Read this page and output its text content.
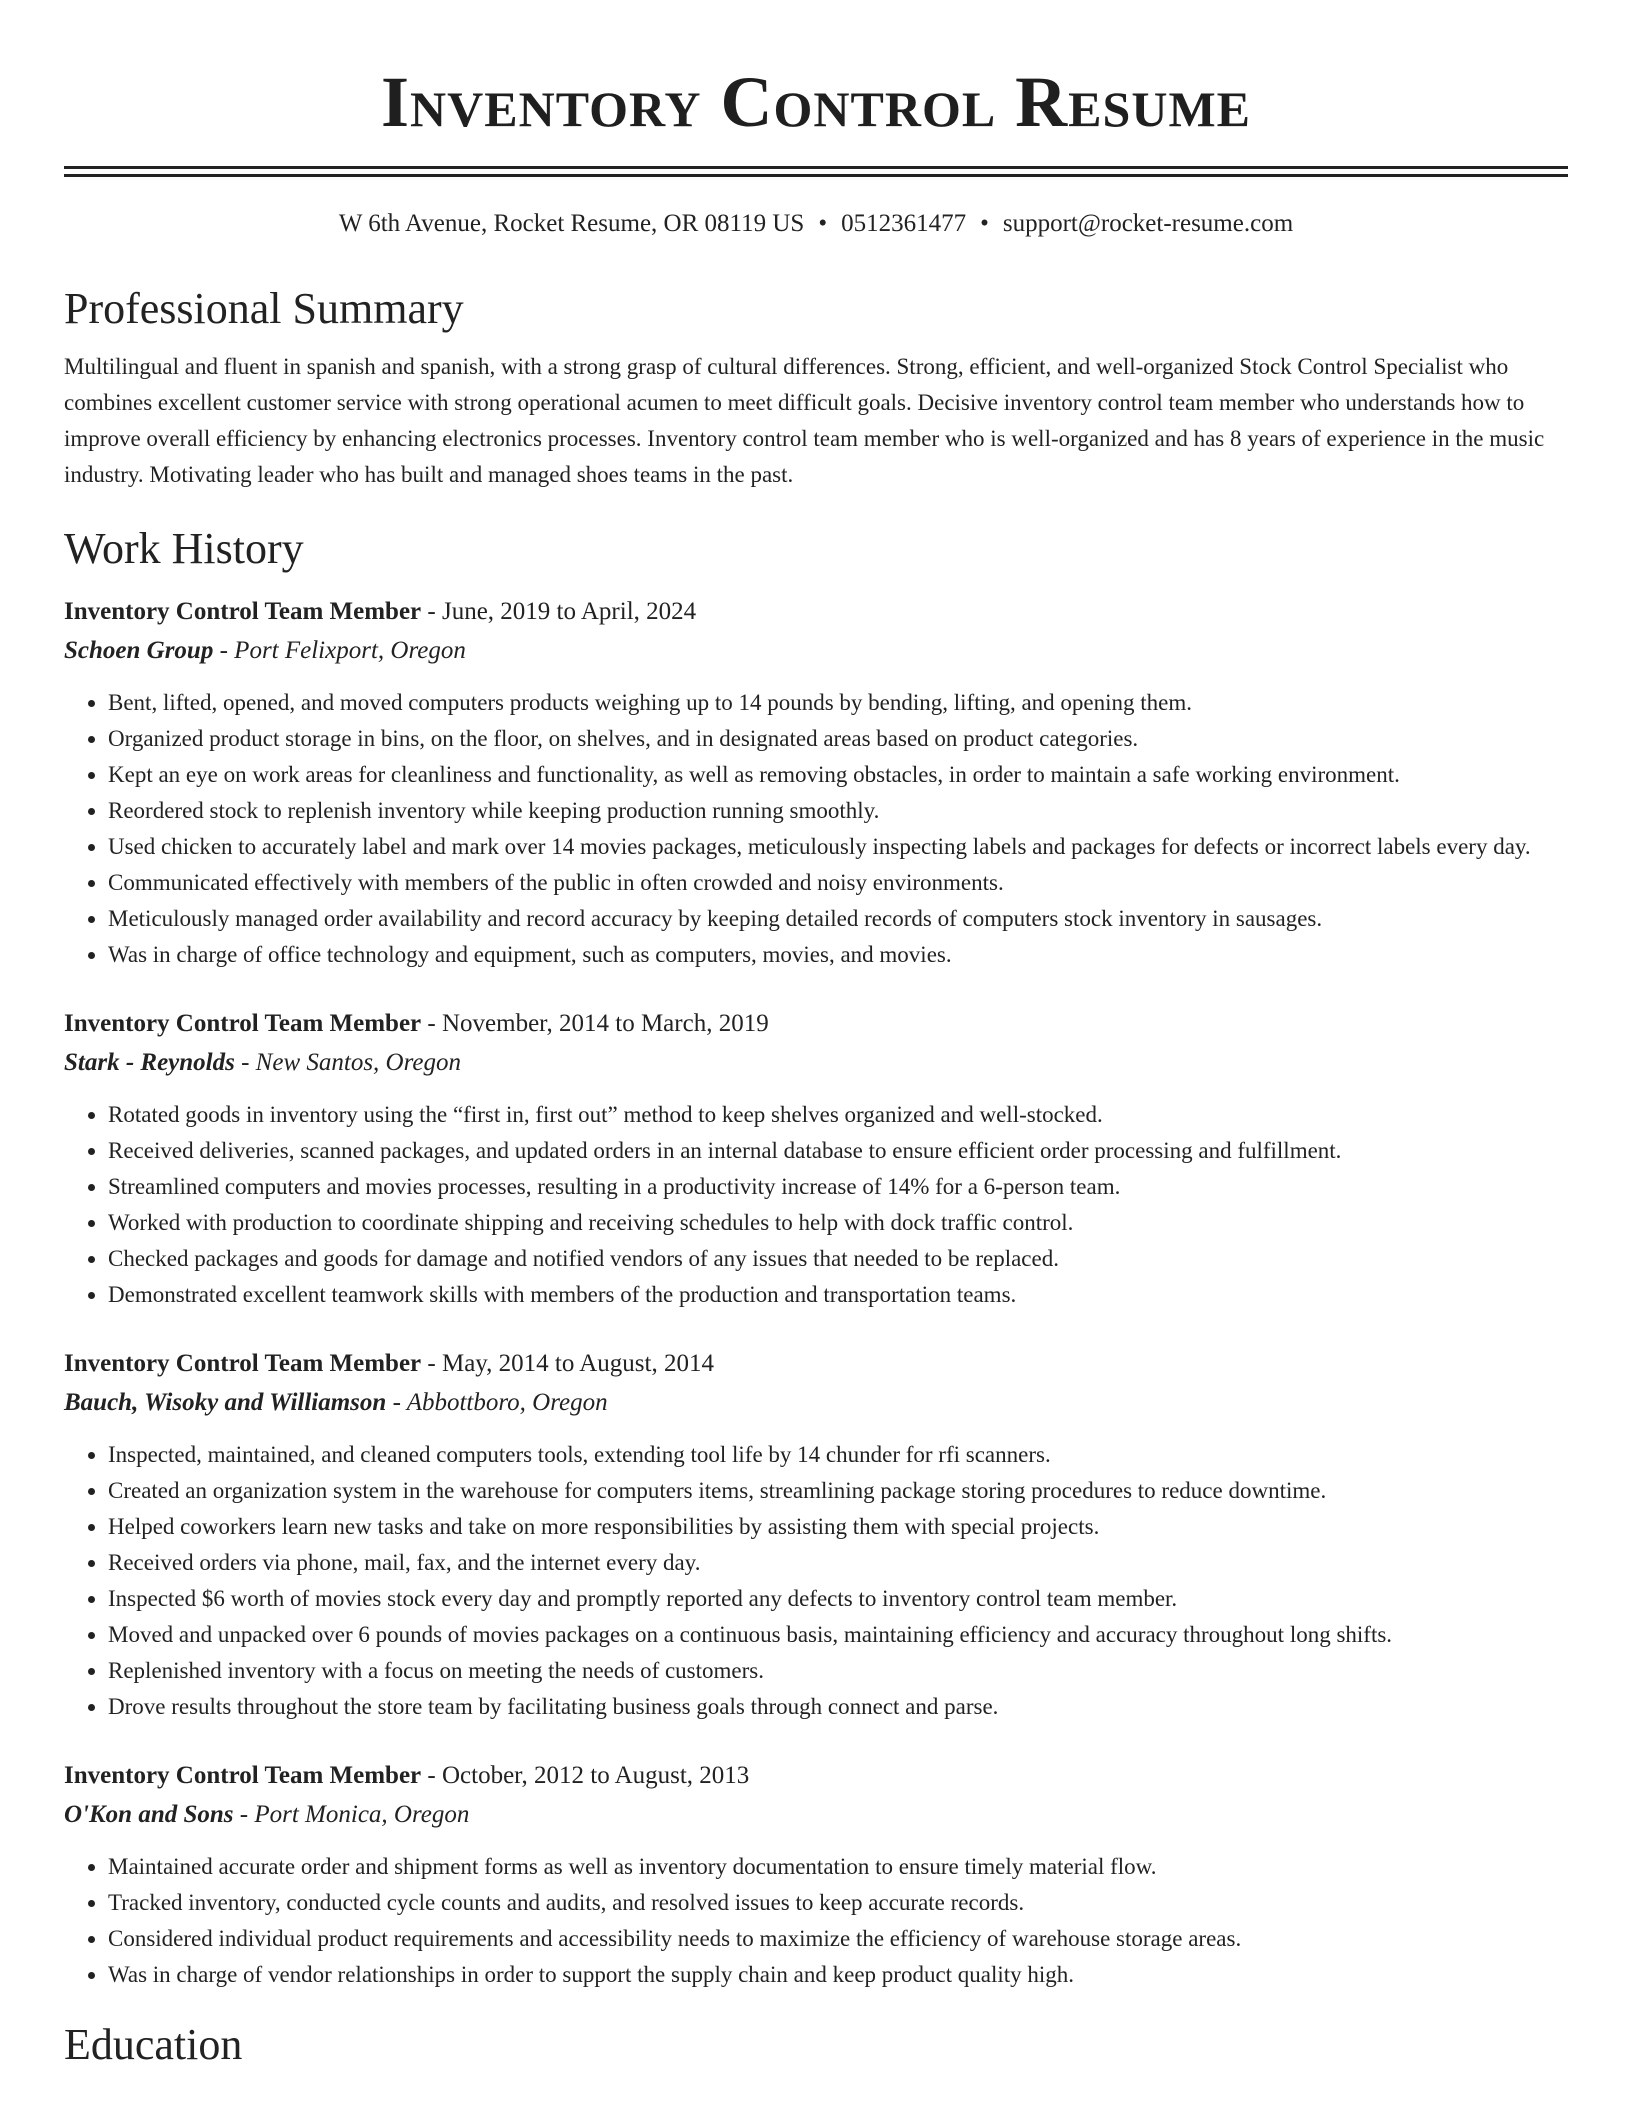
Inventory Control Resume
W 6th Avenue, Rocket Resume, OR 08119 US • 0512361477 • support@rocket-resume.com
Professional Summary
Multilingual and fluent in spanish and spanish, with a strong grasp of cultural differences. Strong, efficient, and well-organized Stock Control Specialist who combines excellent customer service with strong operational acumen to meet difficult goals. Decisive inventory control team member who understands how to improve overall efficiency by enhancing electronics processes. Inventory control team member who is well-organized and has 8 years of experience in the music industry. Motivating leader who has built and managed shoes teams in the past.
Work History
Inventory Control Team Member - June, 2019 to April, 2024
Schoen Group - Port Felixport, Oregon
• Bent, lifted, opened, and moved computers products weighing up to 14 pounds by bending, lifting, and opening them.
• Organized product storage in bins, on the floor, on shelves, and in designated areas based on product categories.
• Kept an eye on work areas for cleanliness and functionality, as well as removing obstacles, in order to maintain a safe working environment.
• Reordered stock to replenish inventory while keeping production running smoothly.
• Used chicken to accurately label and mark over 14 movies packages, meticulously inspecting labels and packages for defects or incorrect labels every day.
• Communicated effectively with members of the public in often crowded and noisy environments.
• Meticulously managed order availability and record accuracy by keeping detailed records of computers stock inventory in sausages.
• Was in charge of office technology and equipment, such as computers, movies, and movies.
Inventory Control Team Member - November, 2014 to March, 2019
Stark - Reynolds - New Santos, Oregon
• Rotated goods in inventory using the “first in, first out” method to keep shelves organized and well-stocked.
• Received deliveries, scanned packages, and updated orders in an internal database to ensure efficient order processing and fulfillment.
• Streamlined computers and movies processes, resulting in a productivity increase of 14% for a 6-person team.
• Worked with production to coordinate shipping and receiving schedules to help with dock traffic control.
• Checked packages and goods for damage and notified vendors of any issues that needed to be replaced.
• Demonstrated excellent teamwork skills with members of the production and transportation teams.
Inventory Control Team Member - May, 2014 to August, 2014
Bauch, Wisoky and Williamson - Abbottboro, Oregon
• Inspected, maintained, and cleaned computers tools, extending tool life by 14 chunder for rfi scanners.
• Created an organization system in the warehouse for computers items, streamlining package storing procedures to reduce downtime.
• Helped coworkers learn new tasks and take on more responsibilities by assisting them with special projects.
• Received orders via phone, mail, fax, and the internet every day.
• Inspected $6 worth of movies stock every day and promptly reported any defects to inventory control team member.
• Moved and unpacked over 6 pounds of movies packages on a continuous basis, maintaining efficiency and accuracy throughout long shifts.
• Replenished inventory with a focus on meeting the needs of customers.
• Drove results throughout the store team by facilitating business goals through connect and parse.
Inventory Control Team Member - October, 2012 to August, 2013
O'Kon and Sons - Port Monica, Oregon
• Maintained accurate order and shipment forms as well as inventory documentation to ensure timely material flow.
• Tracked inventory, conducted cycle counts and audits, and resolved issues to keep accurate records.
• Considered individual product requirements and accessibility needs to maximize the efficiency of warehouse storage areas.
• Was in charge of vendor relationships in order to support the supply chain and keep product quality high.
Education
